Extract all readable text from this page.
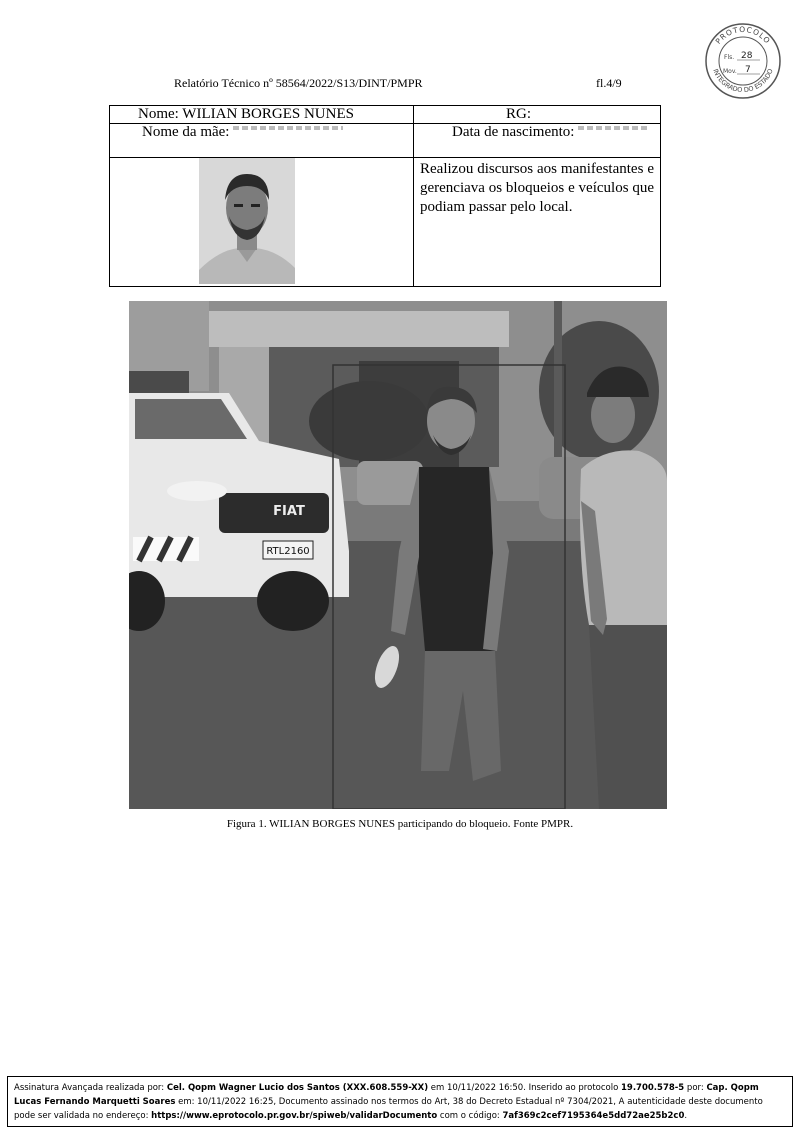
PROTOCOLO
INTEGRADO DO ESTADO
Fls. 28
Mov. 7
Relatório Técnico nº 58564/2022/S13/DINT/PMPR	fl.4/9
Nome: WILIAN BORGES NUNES	RG:
Nome da mãe:	Data de nascimento:

	Realizou discursos aos manifestantes e gerenciava os bloqueios e veículos que podiam passar pelo local.
FIAT
RTL2160
Figura 1. WILIAN BORGES NUNES participando do bloqueio. Fonte PMPR.
Assinatura Avançada realizada por: Cel. Qopm Wagner Lucio dos Santos (XXX.608.559-XX) em 10/11/2022 16:50. Inserido ao protocolo 19.700.578-5 por: Cap. Qopm Lucas Fernando Marquetti Soares em: 10/11/2022 16:25, Documento assinado nos termos do Art, 38 do Decreto Estadual nº 7304/2021, A autenticidade deste documento pode ser validada no endereço: https://www.eprotocolo.pr.gov.br/spiweb/validarDocumento com o código: 7af369c2cef7195364e5dd72ae25b2c0.
